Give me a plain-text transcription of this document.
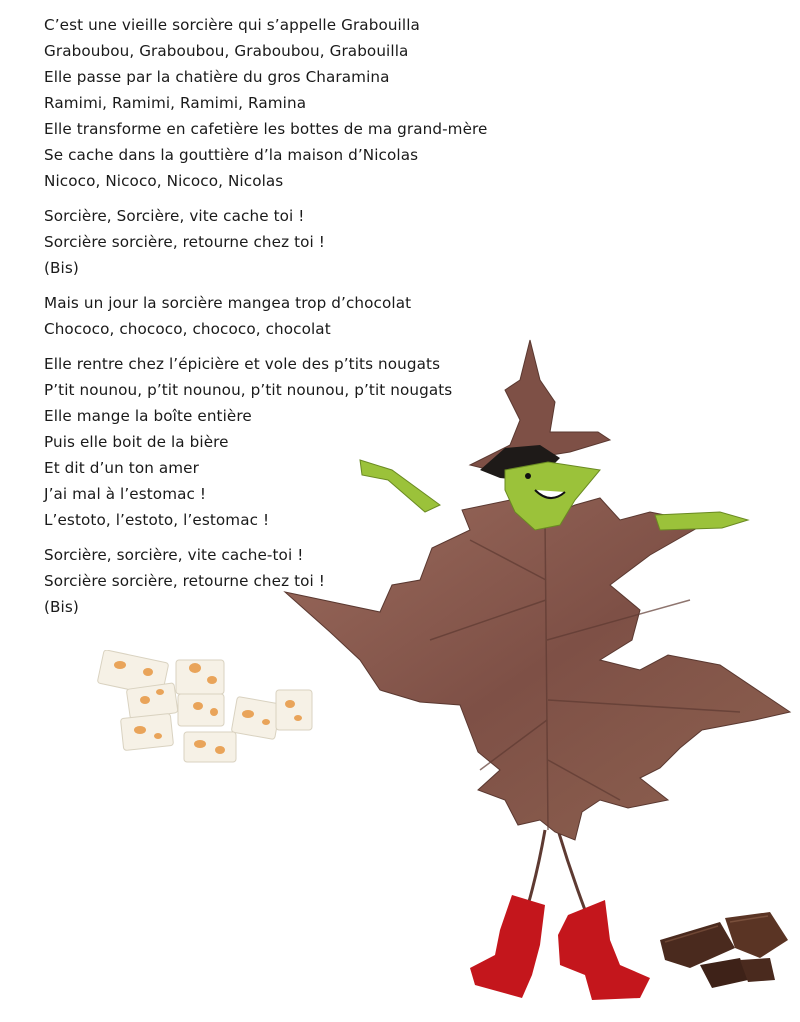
C’est une vieille sorcière qui s’appelle Grabouilla
Graboubou, Graboubou, Graboubou, Grabouilla
Elle passe par la chatière du gros Charamina
Ramimi, Ramimi, Ramimi, Ramina
Elle transforme en cafetière les bottes de ma grand-mère
Se cache dans la gouttière d’la maison d’Nicolas
Nicoco, Nicoco, Nicoco, Nicolas
Sorcière, Sorcière, vite cache toi !
Sorcière sorcière, retourne chez toi !
(Bis)
Mais un jour la sorcière mangea trop d’chocolat
Chococo, chococo, chococo, chocolat
Elle rentre chez l’épicière et vole des p’tits nougats
P’tit nounou, p’tit nounou, p’tit nounou, p’tit nougats
Elle mange la boîte entière
Puis elle boit de la bière
Et dit d’un ton amer
J’ai mal à l’estomac !
L’estoto, l’estoto, l’estomac !
Sorcière, sorcière, vite cache-toi !
Sorcière sorcière, retourne chez toi !
(Bis)
